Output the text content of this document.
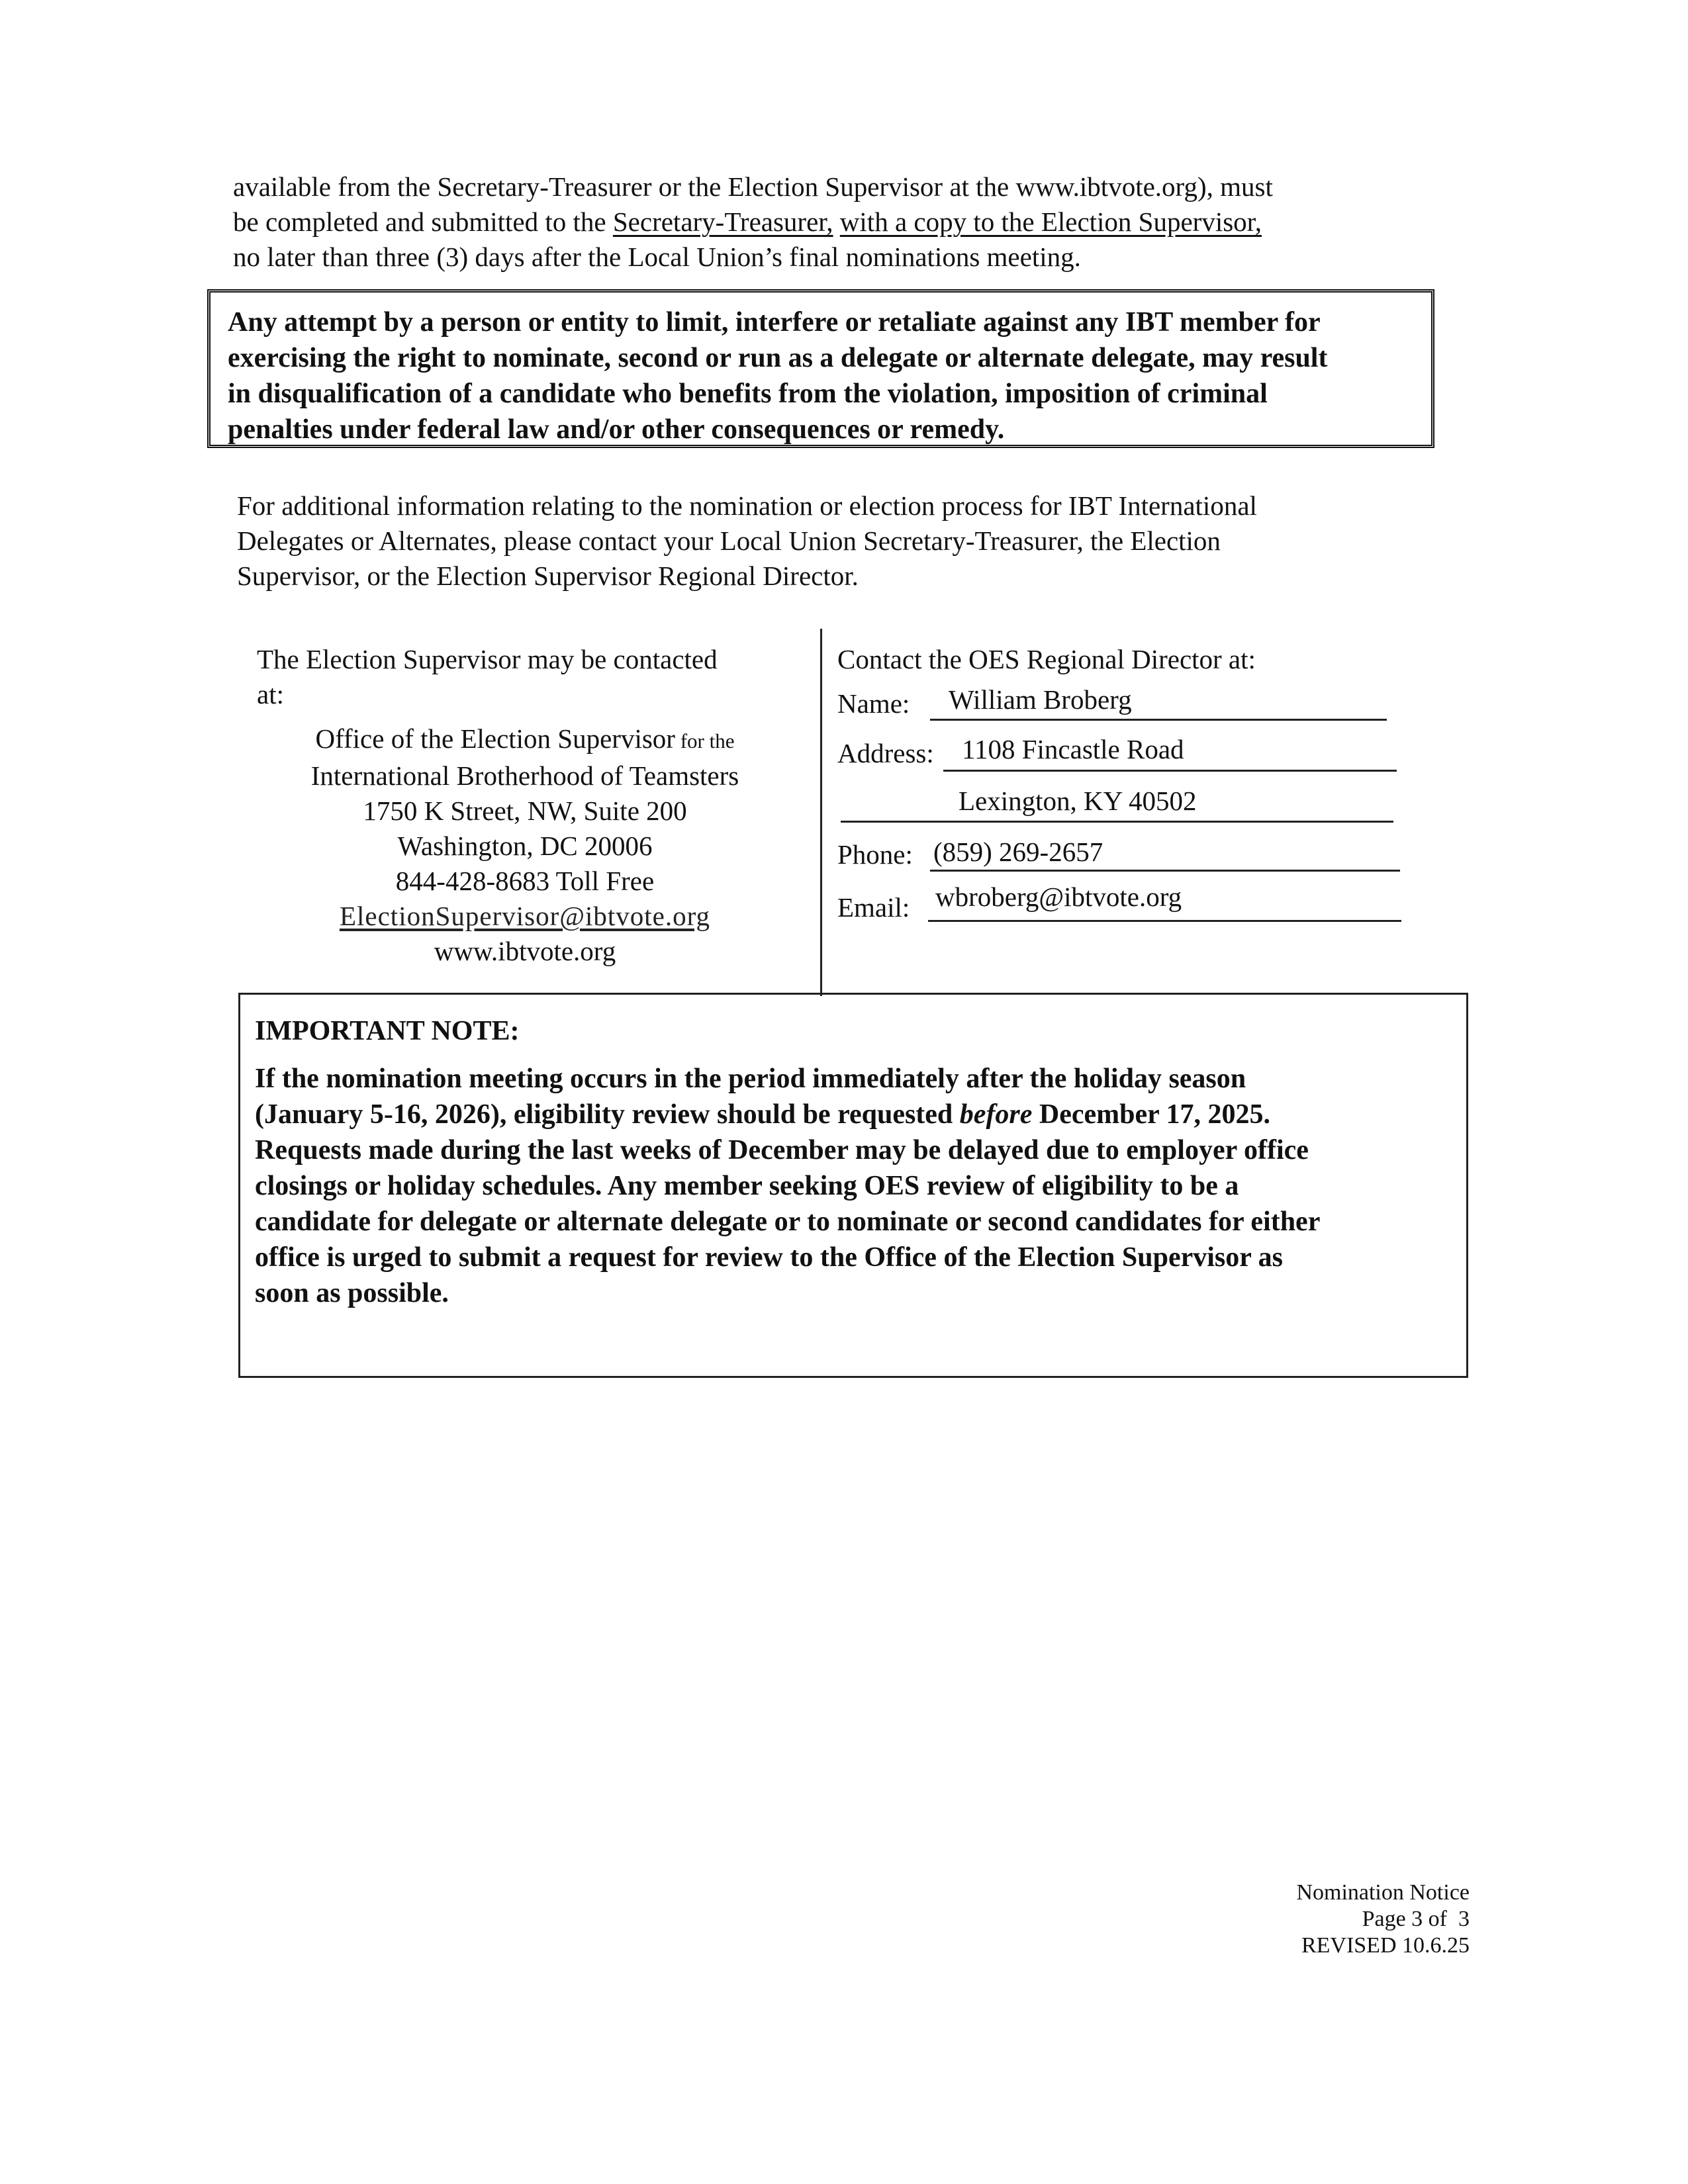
available from the Secretary-Treasurer or the Election Supervisor at the www.ibtvote.org), must
be completed and submitted to the Secretary-Treasurer, with a copy to the Election Supervisor,
no later than three (3) days after the Local Union’s final nominations meeting.
Any attempt by a person or entity to limit, interfere or retaliate against any IBT member for
exercising the right to nominate, second or run as a delegate or alternate delegate, may result
in disqualification of a candidate who benefits from the violation, imposition of criminal
penalties under federal law and/or other consequences or remedy.
For additional information relating to the nomination or election process for IBT International
Delegates or Alternates, please contact your Local Union Secretary-Treasurer, the Election
Supervisor, or the Election Supervisor Regional Director.
The Election Supervisor may be contacted
at:
Office of the Election Supervisor for the
International Brotherhood of Teamsters
1750 K Street, NW, Suite 200
Washington, DC 20006
844-428-8683 Toll Free
ElectionSupervisor@ibtvote.org
www.ibtvote.org
Contact the OES Regional Director at:
Name: William Broberg
Address: 1108 Fincastle Road
Lexington, KY 40502
Phone: (859) 269-2657
Email: wbroberg@ibtvote.org
IMPORTANT NOTE:
If the nomination meeting occurs in the period immediately after the holiday season
(January 5-16, 2026), eligibility review should be requested before December 17, 2025.
Requests made during the last weeks of December may be delayed due to employer office
closings or holiday schedules. Any member seeking OES review of eligibility to be a
candidate for delegate or alternate delegate or to nominate or second candidates for either
office is urged to submit a request for review to the Office of the Election Supervisor as
soon as possible.
Nomination Notice
Page 3 of  3
REVISED 10.6.25
